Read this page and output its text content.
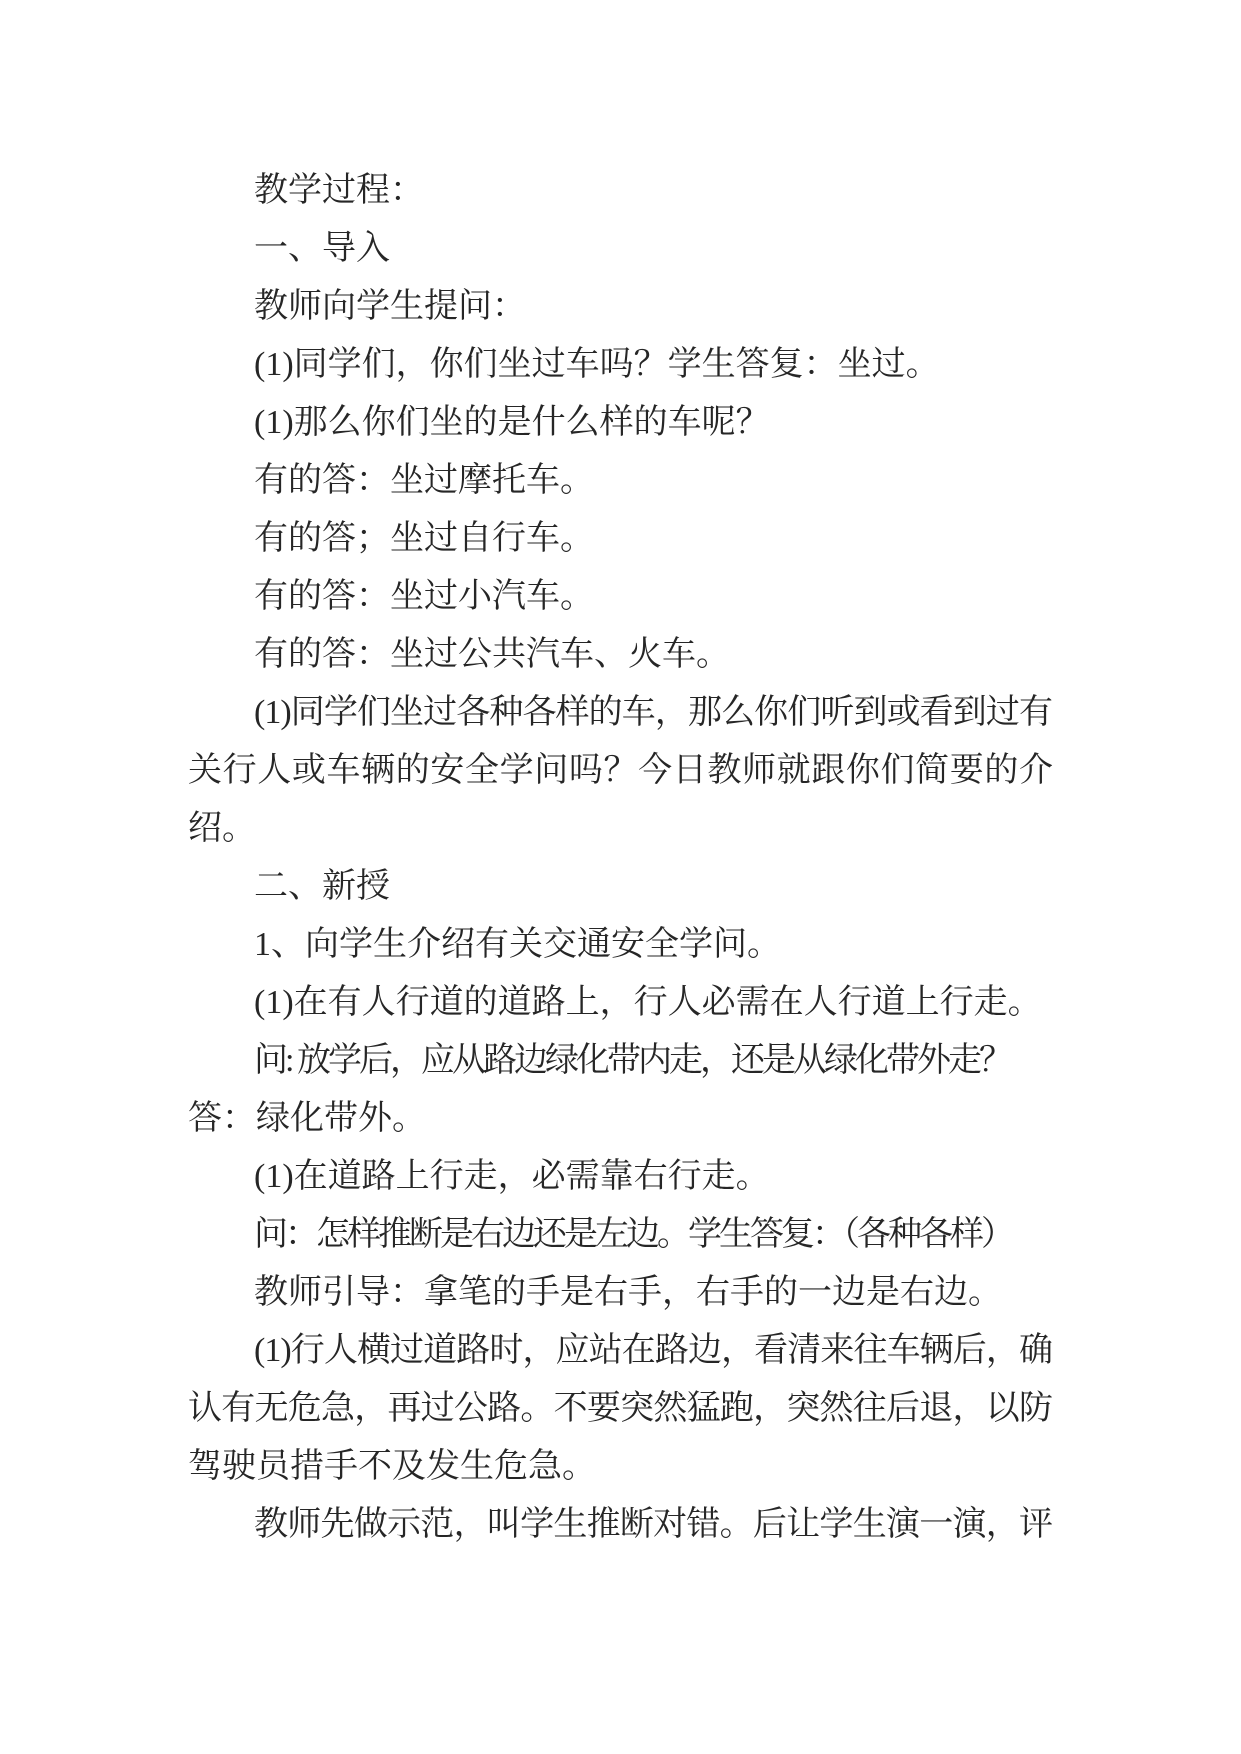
教学过程：
一、导入
教师向学生提问：
(1)同学们，你们坐过车吗？学生答复：坐过。
(1)那么你们坐的是什么样的车呢？
有的答：坐过摩托车。
有的答；坐过自行车。
有的答：坐过小汽车。
有的答：坐过公共汽车、火车。
(1)同学们坐过各种各样的车，那么你们听到或看到过有
关行人或车辆的安全学问吗？今日教师就跟你们简要的介
绍。
二、新授
1、向学生介绍有关交通安全学问。
(1)在有人行道的道路上，行人必需在人行道上行走。
问: 放学后，应从路边绿化带内走，还是从绿化带外走？
答：绿化带外。
(1)在道路上行走，必需靠右行走。
问：怎样推断是右边还是左边。学生答复：（各种各样）
教师引导：拿笔的手是右手，右手的一边是右边。
(1)行人横过道路时，应站在路边，看清来往车辆后，确
认有无危急，再过公路。不要突然猛跑，突然往后退，以防
驾驶员措手不及发生危急。
教师先做示范，叫学生推断对错。后让学生演一演，评
